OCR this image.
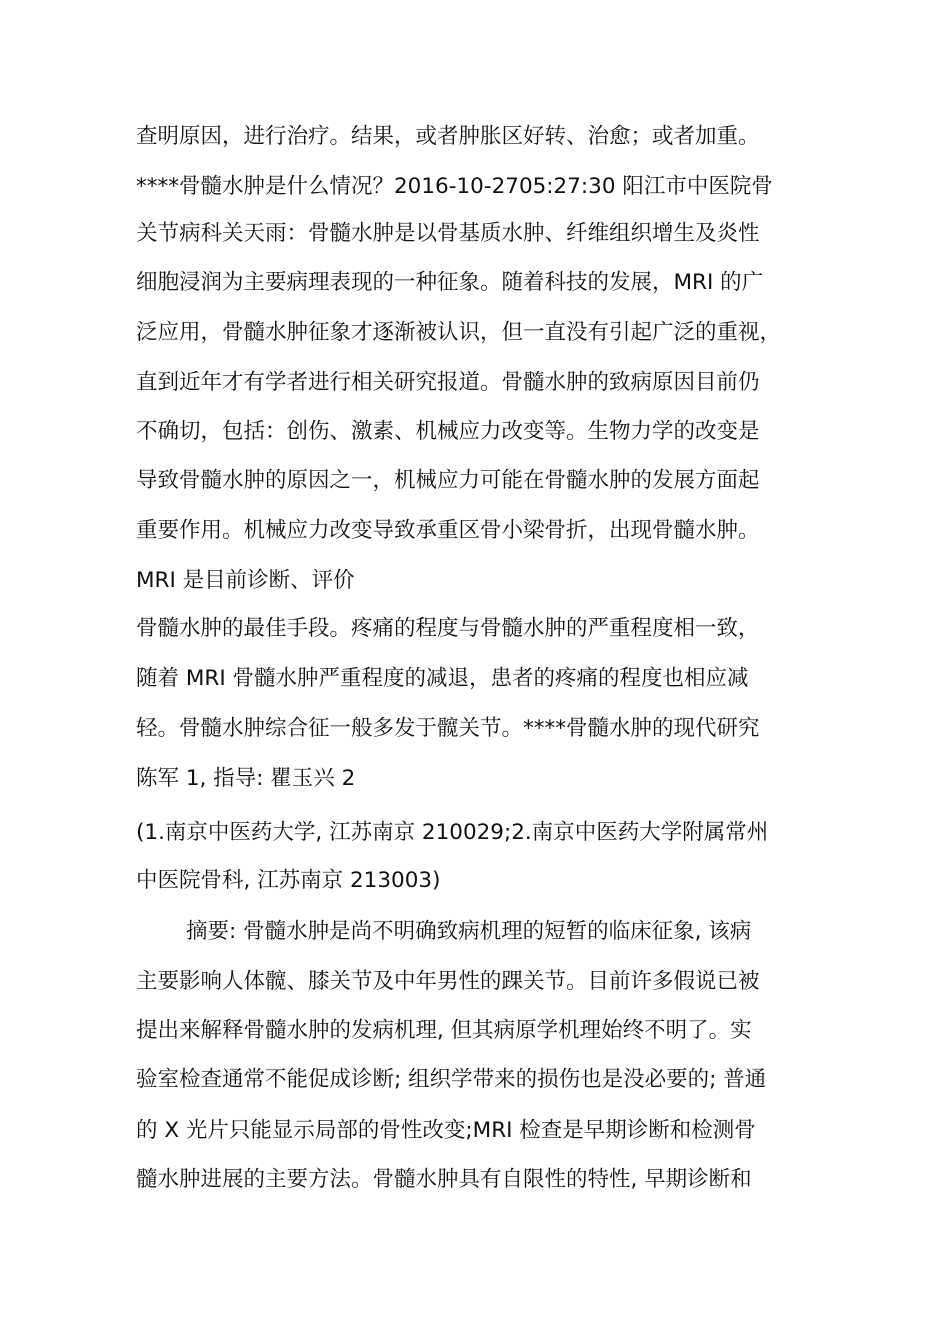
查明原因，进行治疗。结果，或者肿胀区好转、治愈；或者加重。
****骨髓水肿是什么情况？2016-10-2705:27:30 阳江市中医院骨
关节病科关天雨：骨髓水肿是以骨基质水肿、纤维组织增生及炎性
细胞浸润为主要病理表现的一种征象。随着科技的发展，MRI 的广
泛应用，骨髓水肿征象才逐渐被认识，但一直没有引起广泛的重视，
直到近年才有学者进行相关研究报道。骨髓水肿的致病原因目前仍
不确切，包括：创伤、激素、机械应力改变等。生物力学的改变是
导致骨髓水肿的原因之一，机械应力可能在骨髓水肿的发展方面起
重要作用。机械应力改变导致承重区骨小梁骨折，出现骨髓水肿。
MRI 是目前诊断、评价
骨髓水肿的最佳手段。疼痛的程度与骨髓水肿的严重程度相一致，
随着 MRI 骨髓水肿严重程度的减退，患者的疼痛的程度也相应减
轻。骨髓水肿综合征一般多发于髋关节。****骨髓水肿的现代研究
陈军 1, 指导: 瞿玉兴 2
(1.南京中医药大学, 江苏南京 210029;2.南京中医药大学附属常州
中医院骨科, 江苏南京 213003)
摘要: 骨髓水肿是尚不明确致病机理的短暂的临床征象, 该病
主要影响人体髋、膝关节及中年男性的踝关节。目前许多假说已被
提出来解释骨髓水肿的发病机理, 但其病原学机理始终不明了。实
验室检查通常不能促成诊断; 组织学带来的损伤也是没必要的; 普通
的 X 光片只能显示局部的骨性改变;MRI 检查是早期诊断和检测骨
髓水肿进展的主要方法。骨髓水肿具有自限性的特性, 早期诊断和
